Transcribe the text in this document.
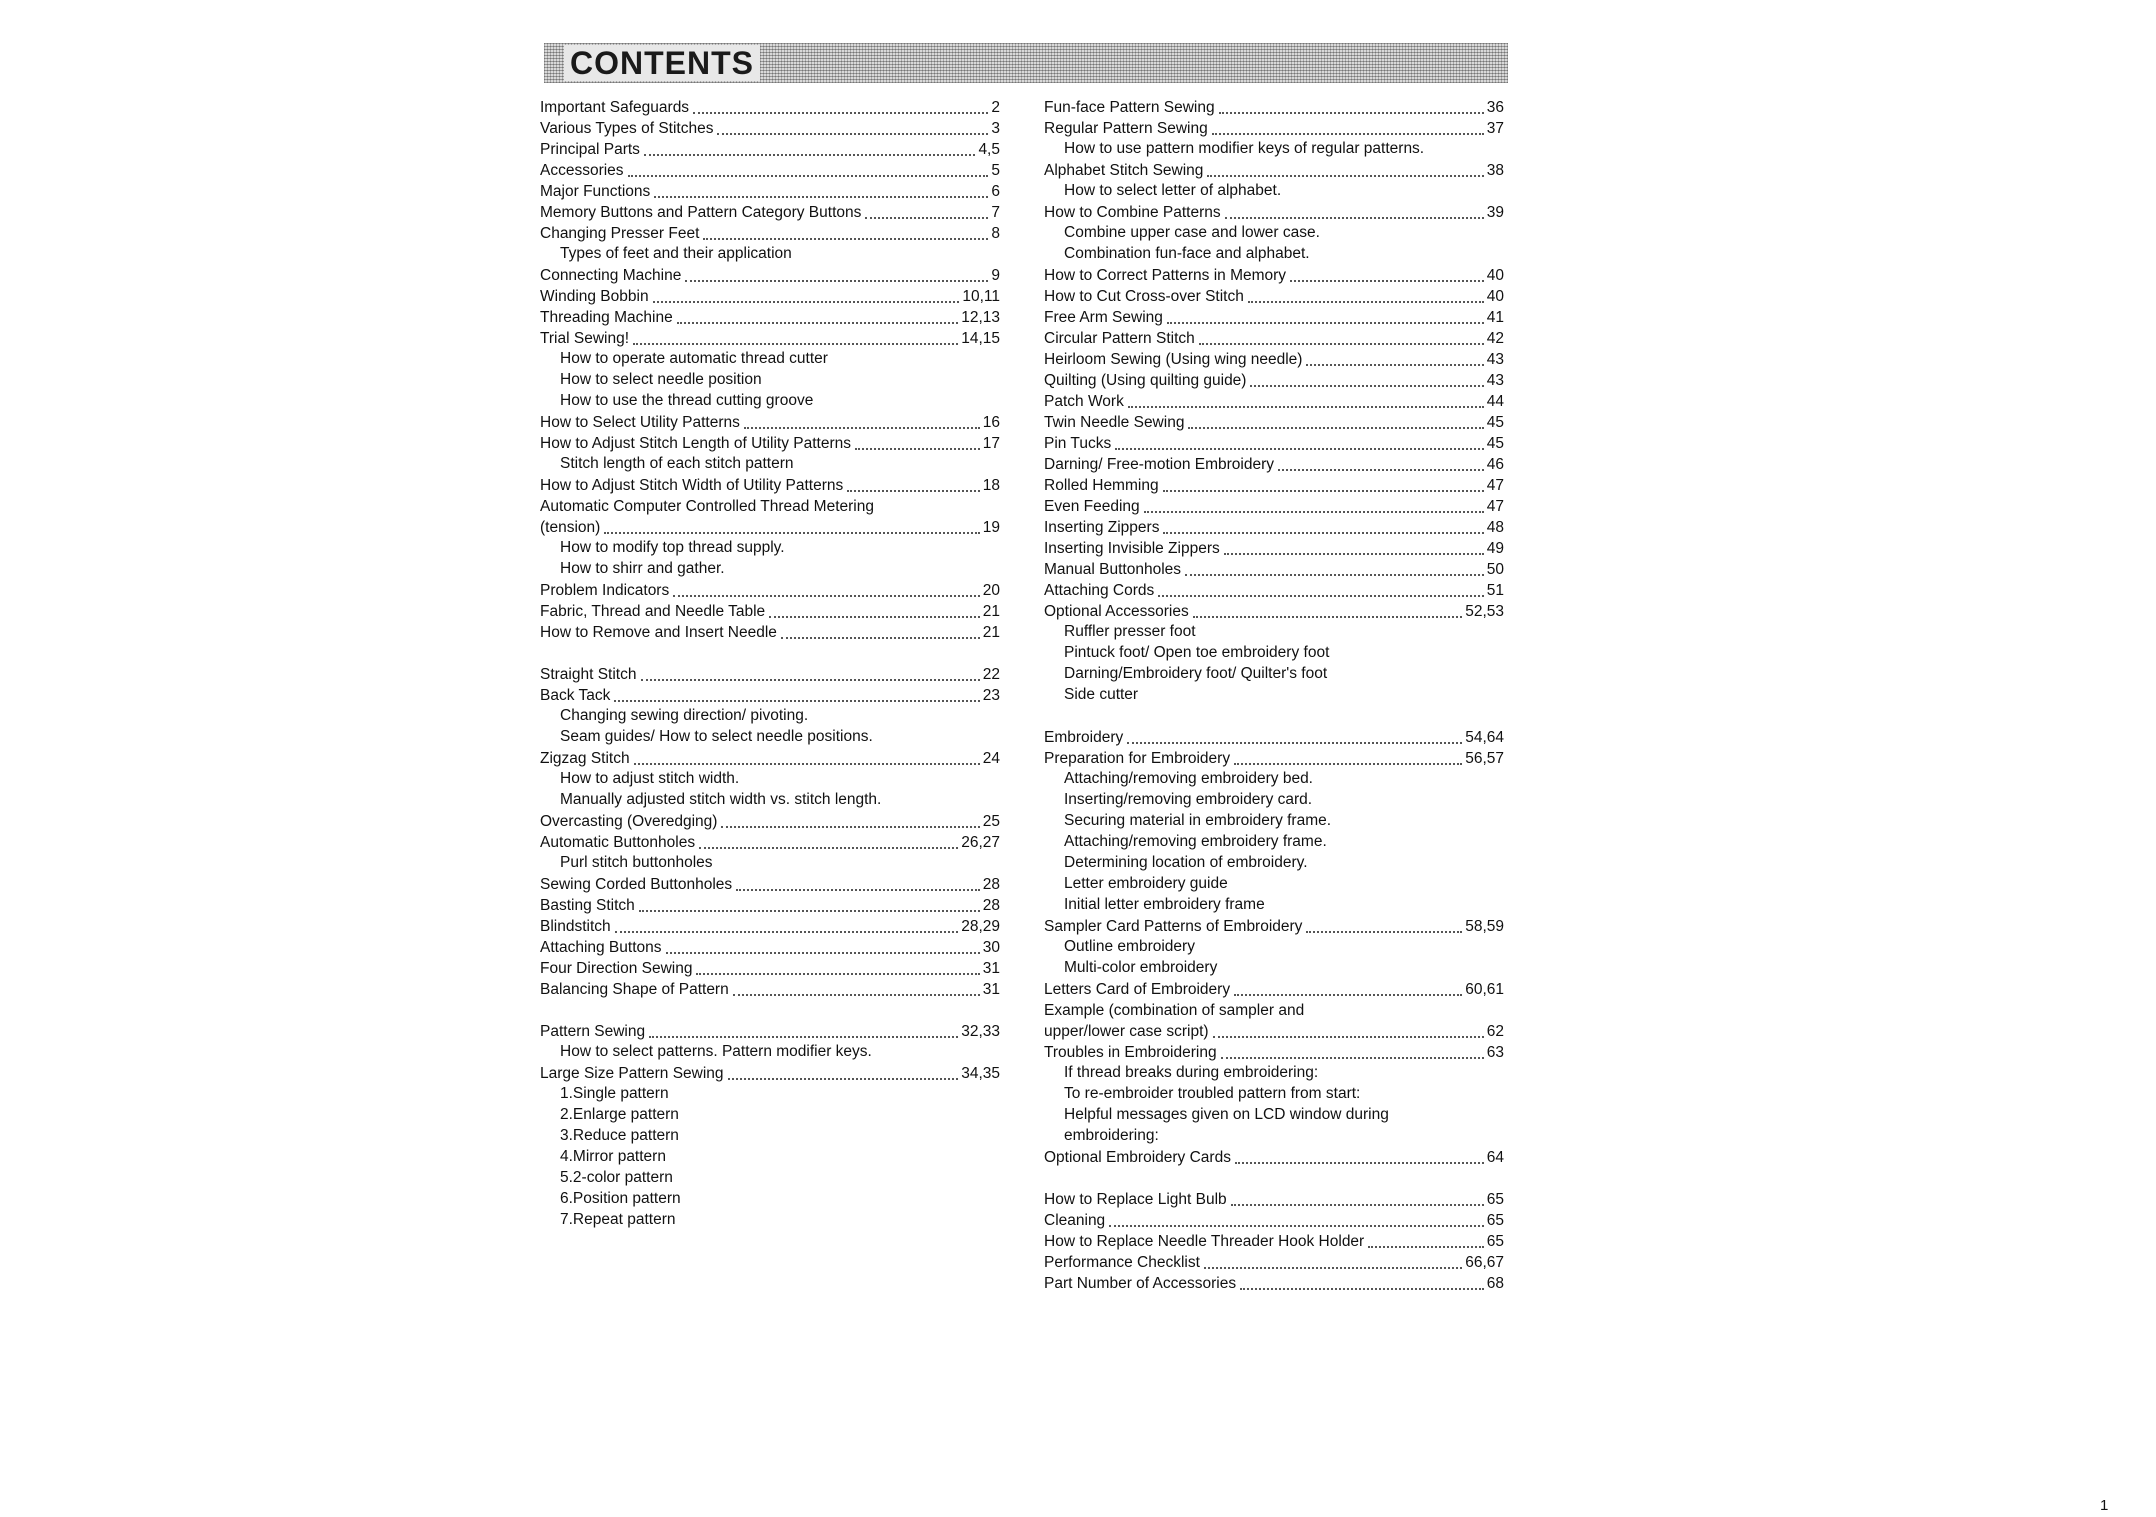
CONTENTS
Important Safeguards	2
Various Types of Stitches	3
Principal Parts	4,5
Accessories	5
Major Functions	6
Memory Buttons and Pattern Category Buttons	7
Changing Presser Feet	8
Types of feet and their application
Connecting Machine	9
Winding Bobbin	10,11
Threading Machine	12,13
Trial Sewing!	14,15
How to operate automatic thread cutter
How to select needle position
How to use the thread cutting groove
How to Select Utility Patterns	16
How to Adjust Stitch Length of Utility Patterns	17
Stitch length of each stitch pattern
How to Adjust Stitch Width of Utility Patterns	18
Automatic Computer Controlled Thread Metering
(tension)	19
How to modify top thread supply.
How to shirr and gather.
Problem Indicators	20
Fabric, Thread and Needle Table	21
How to Remove and Insert Needle	21
Straight Stitch	22
Back Tack	23
Changing sewing direction/ pivoting.
Seam guides/ How to select needle positions.
Zigzag Stitch	24
How to adjust stitch width.
Manually adjusted stitch width vs. stitch length.
Overcasting (Overedging)	25
Automatic Buttonholes	26,27
Purl stitch buttonholes
Sewing Corded Buttonholes	28
Basting Stitch	28
Blindstitch	28,29
Attaching Buttons	30
Four Direction Sewing	31
Balancing Shape of Pattern	31
Pattern Sewing	32,33
How to select patterns. Pattern modifier keys.
Large Size Pattern Sewing	34,35
1.Single pattern
2.Enlarge pattern
3.Reduce pattern
4.Mirror pattern
5.2-color pattern
6.Position pattern
7.Repeat pattern
Fun-face Pattern Sewing	36
Regular Pattern Sewing	37
How to use pattern modifier keys of regular patterns.
Alphabet Stitch Sewing	38
How to select letter of alphabet.
How to Combine Patterns	39
Combine upper case and lower case.
Combination fun-face and alphabet.
How to Correct Patterns in Memory	40
How to Cut Cross-over Stitch	40
Free Arm Sewing	41
Circular Pattern Stitch	42
Heirloom Sewing (Using wing needle)	43
Quilting (Using quilting guide)	43
Patch Work	44
Twin Needle Sewing	45
Pin Tucks	45
Darning/ Free-motion Embroidery	46
Rolled Hemming	47
Even Feeding	47
Inserting Zippers	48
Inserting Invisible Zippers	49
Manual Buttonholes	50
Attaching Cords	51
Optional Accessories	52,53
Ruffler presser foot
Pintuck foot/ Open toe embroidery foot
Darning/Embroidery foot/ Quilter's foot
Side cutter
Embroidery	54,64
Preparation for Embroidery	56,57
Attaching/removing embroidery bed.
Inserting/removing embroidery card.
Securing material in embroidery frame.
Attaching/removing embroidery frame.
Determining location of embroidery.
Letter embroidery guide
Initial letter embroidery frame
Sampler Card Patterns of Embroidery	58,59
Outline embroidery
Multi-color embroidery
Letters Card of Embroidery	60,61
Example (combination of sampler and
upper/lower case script)	62
Troubles in Embroidering	63
If thread breaks during embroidering:
To re-embroider troubled pattern from start:
Helpful messages given on LCD window during
embroidering:
Optional Embroidery Cards	64
How to Replace Light Bulb	65
Cleaning	65
How to Replace Needle Threader Hook Holder	65
Performance Checklist	66,67
Part Number of Accessories	68
1
